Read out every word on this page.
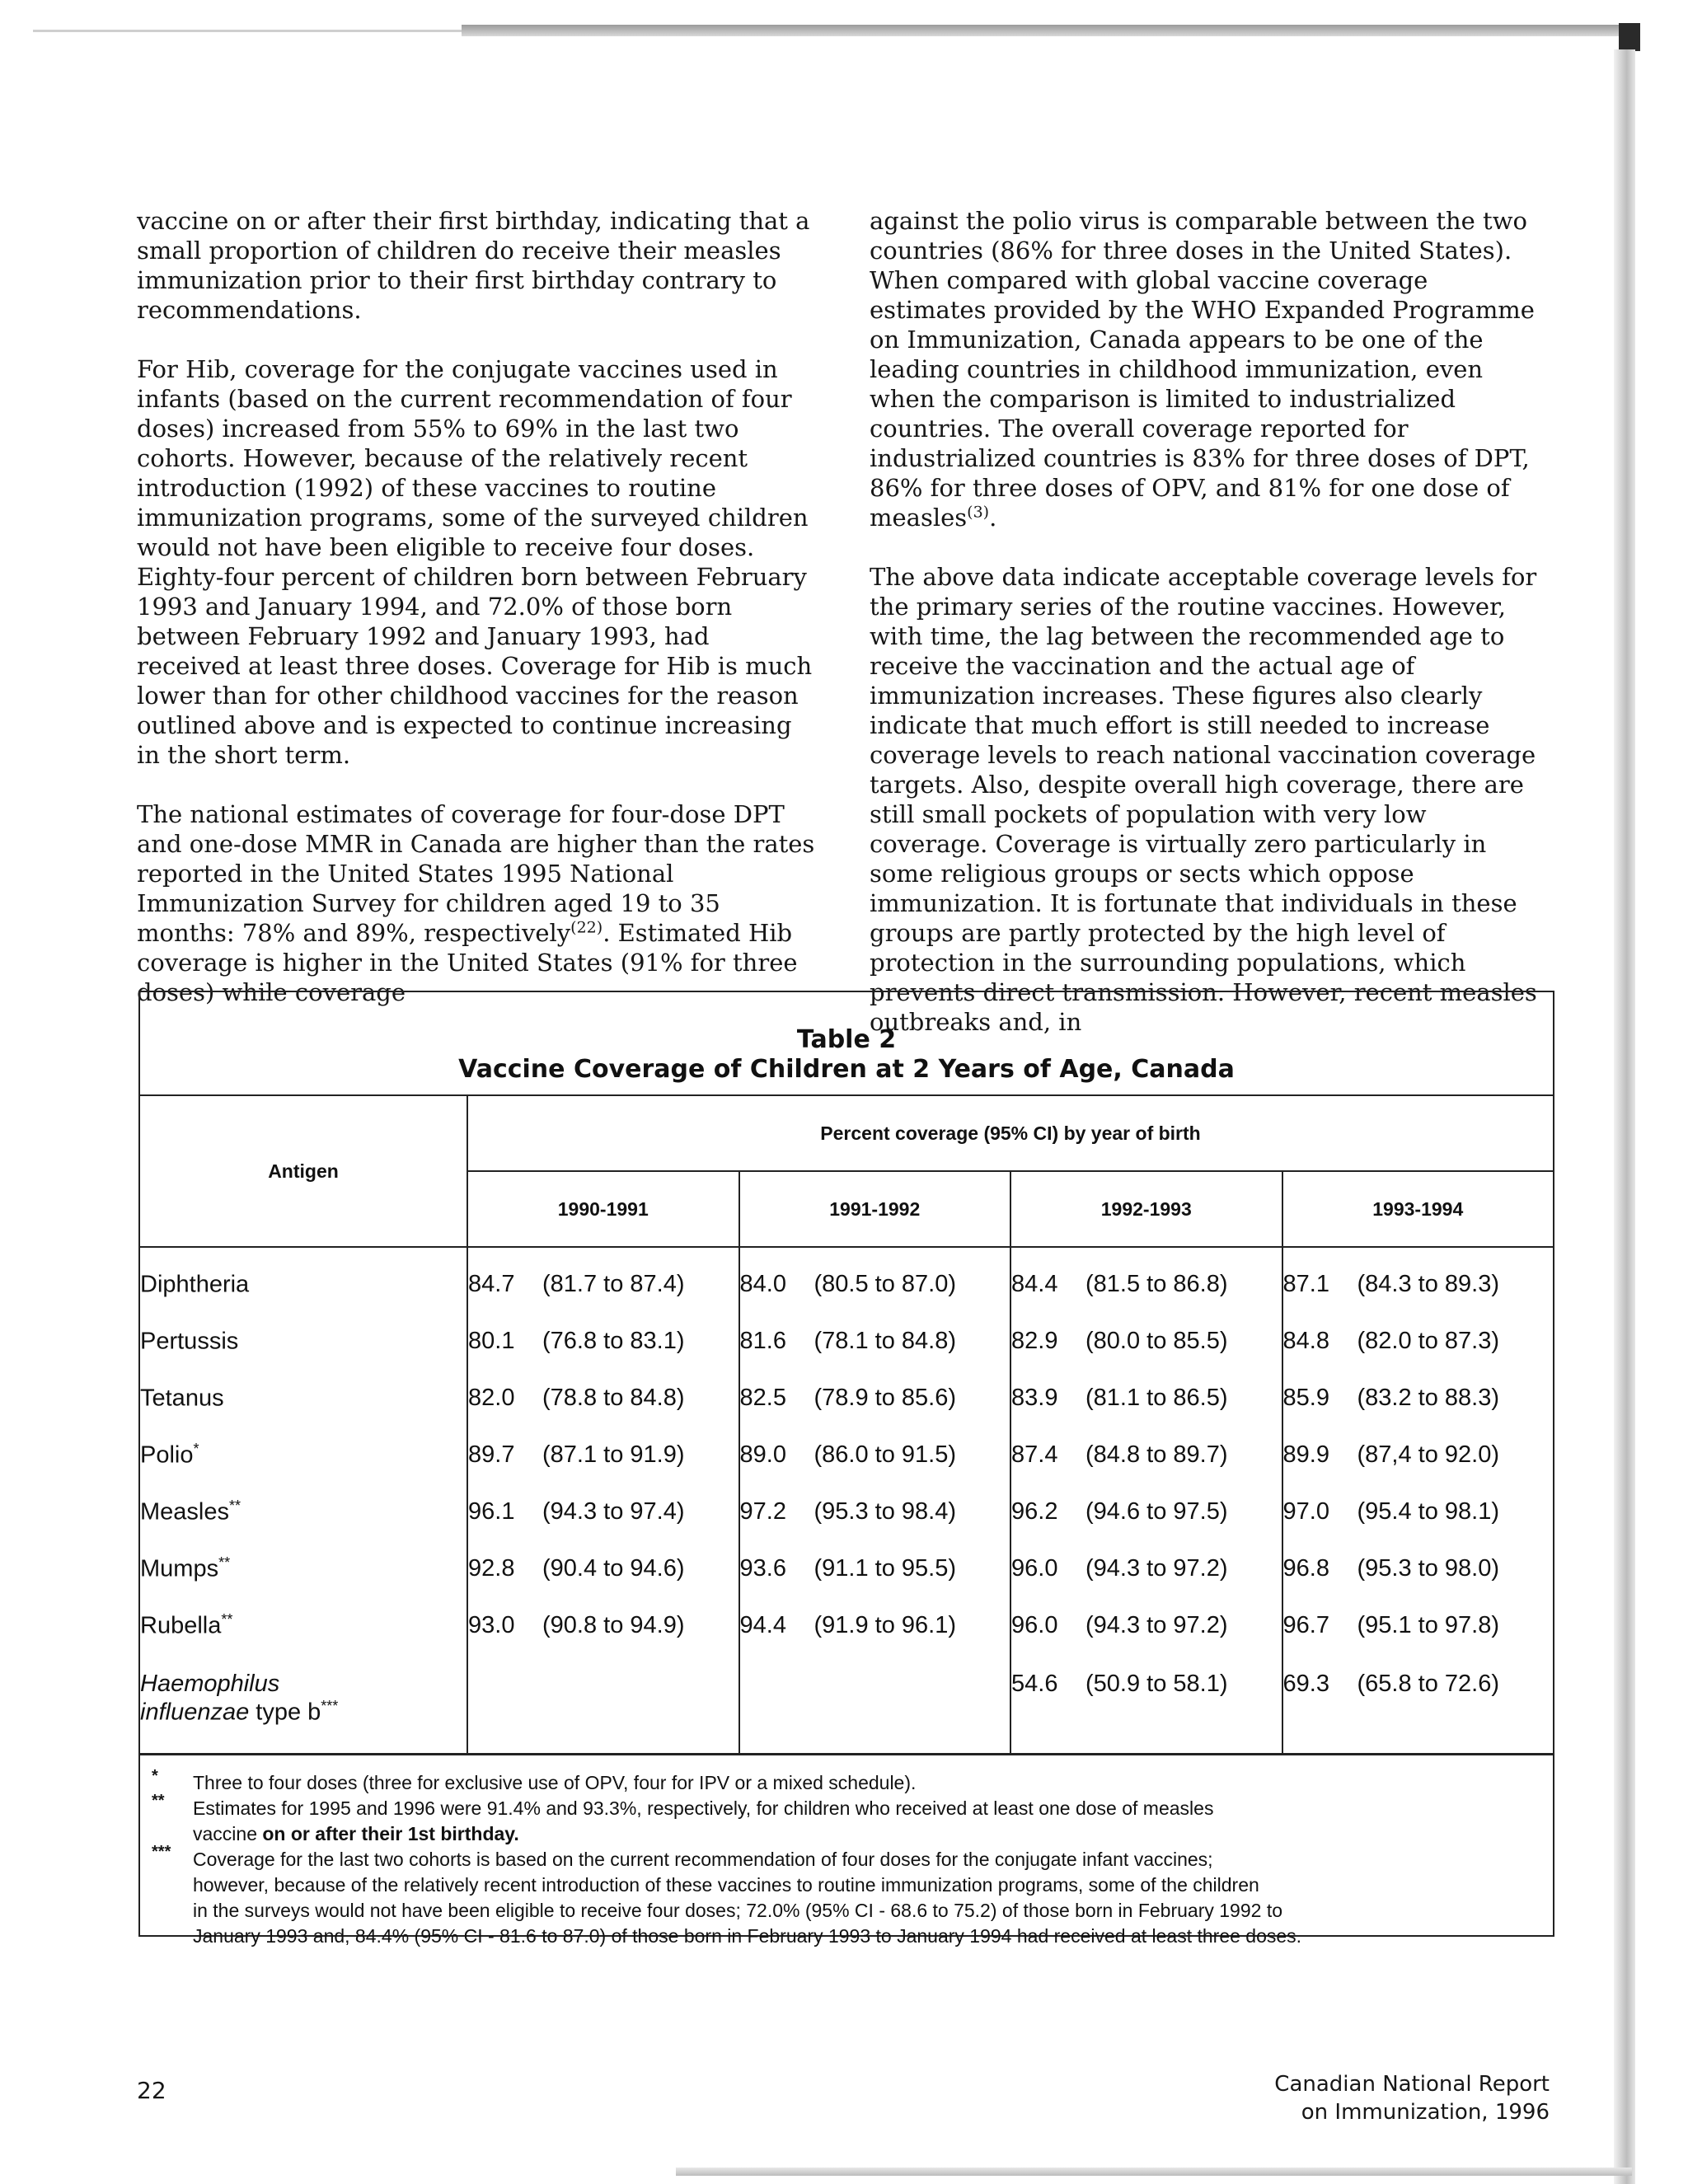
vaccine on or after their first birthday, indicating that a small proportion of children do receive their measles immunization prior to their first birthday contrary to recommendations.

For Hib, coverage for the conjugate vaccines used in infants (based on the current recommendation of four doses) increased from 55% to 69% in the last two cohorts. However, because of the relatively recent introduction (1992) of these vaccines to routine immunization programs, some of the surveyed children would not have been eligible to receive four doses. Eighty-four percent of children born between February 1993 and January 1994, and 72.0% of those born between February 1992 and January 1993, had received at least three doses. Coverage for Hib is much lower than for other childhood vaccines for the reason outlined above and is expected to continue increasing in the short term.

The national estimates of coverage for four-dose DPT and one-dose MMR in Canada are higher than the rates reported in the United States 1995 National Immunization Survey for children aged 19 to 35 months: 78% and 89%, respectively$^{(22)}$. Estimated Hib coverage is higher in the United States (91% for three doses) while coverage

against the polio virus is comparable between the two countries (86% for three doses in the United States). When compared with global vaccine coverage estimates provided by the WHO Expanded Programme on Immunization, Canada appears to be one of the leading countries in childhood immunization, even when the comparison is limited to industrialized countries. The overall coverage reported for industrialized countries is 83% for three doses of DPT, 86% for three doses of OPV, and 81% for one dose of measles$^{(3)}$.

The above data indicate acceptable coverage levels for the primary series of the routine vaccines. However, with time, the lag between the recommended age to receive the vaccination and the actual age of immunization increases. These figures also clearly indicate that much effort is still needed to increase coverage levels to reach national vaccination coverage targets. Also, despite overall high coverage, there are still small pockets of population with very low coverage. Coverage is virtually zero particularly in some religious groups or sects which oppose immunization. It is fortunate that individuals in these groups are partly protected by the high level of protection in the surrounding populations, which prevents direct transmission. However, recent measles outbreaks and, in

Table 2
Vaccine Coverage of Children at 2 Years of Age, Canada
Antigen	Percent coverage (95% CI) by year of birth							
	1990-1991		1991-1992		1992-1993		1993-1994	
Diphtheria	84.7	(81.7 to 87.4)	84.0	(80.5 to 87.0)	84.4	(81.5 to 86.8)	87.1	(84.3 to 89.3)
Pertussis	80.1	(76.8 to 83.1)	81.6	(78.1 to 84.8)	82.9	(80.0 to 85.5)	84.8	(82.0 to 87.3)
Tetanus	82.0	(78.8 to 84.8)	82.5	(78.9 to 85.6)	83.9	(81.1 to 86.5)	85.9	(83.2 to 88.3)
Polio*	89.7	(87.1 to 91.9)	89.0	(86.0 to 91.5)	87.4	(84.8 to 89.7)	89.9	(87,4 to 92.0)
Measles**	96.1	(94.3 to 97.4)	97.2	(95.3 to 98.4)	96.2	(94.6 to 97.5)	97.0	(95.4 to 98.1)
Mumps**	92.8	(90.4 to 94.6)	93.6	(91.1 to 95.5)	96.0	(94.3 to 97.2)	96.8	(95.3 to 98.0)
Rubella**	93.0	(90.8 to 94.9)	94.4	(91.9 to 96.1)	96.0	(94.3 to 97.2)	96.7	(95.1 to 97.8)
Haemophilus
influenzae type b***					54.6	(50.9 to 58.1)	69.3	(65.8 to 72.6)
* Three to four doses (three for exclusive use of OPV, four for IPV or a mixed schedule).
** Estimates for 1995 and 1996 were 91.4% and 93.3%, respectively, for children who received at least one dose of measles
vaccine on or after their 1st birthday.
*** Coverage for the last two cohorts is based on the current recommendation of four doses for the conjugate infant vaccines;
however, because of the relatively recent introduction of these vaccines to routine immunization programs, some of the children
in the surveys would not have been eligible to receive four doses; 72.0% (95% CI - 68.6 to 75.2) of those born in February 1992 to
January 1993 and, 84.4% (95% CI - 81.6 to 87.0) of those born in February 1993 to January 1994 had received at least three doses.
22	Canadian National Report
on Immunization, 1996
